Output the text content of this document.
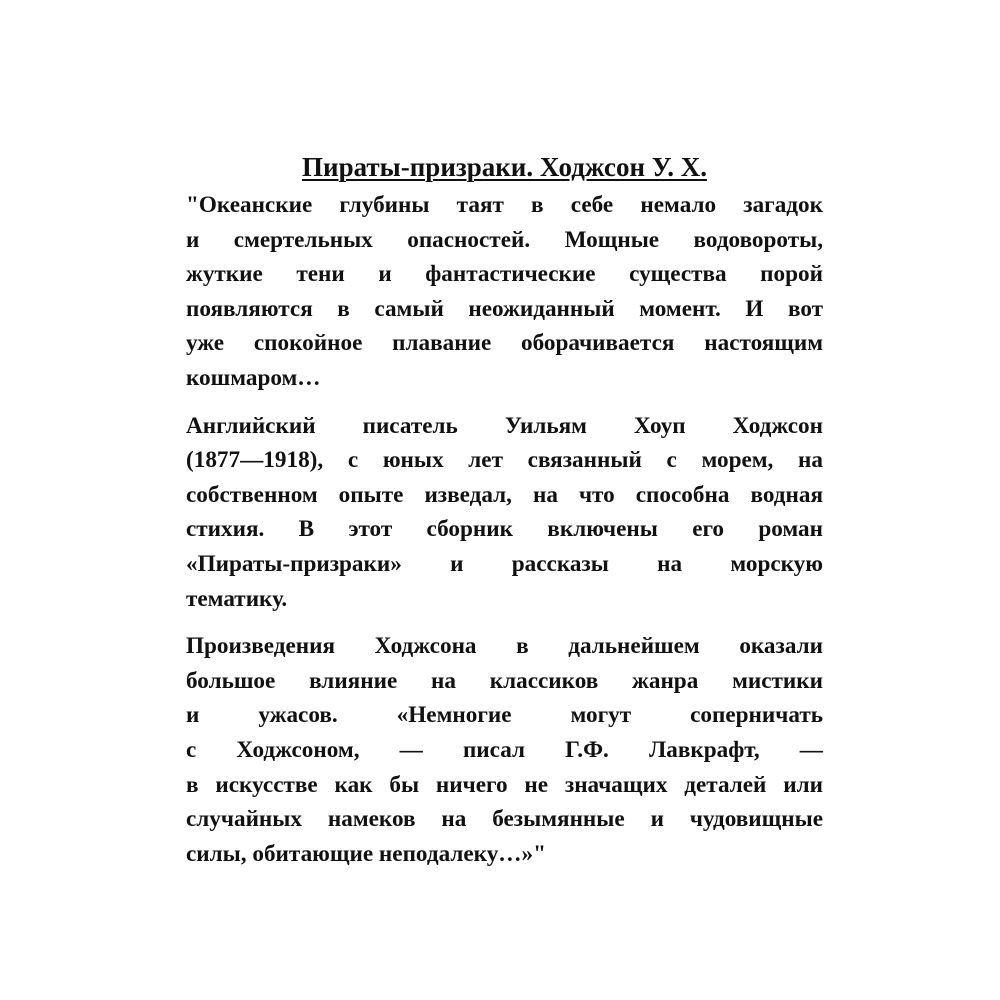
Пираты-призраки. Ходжсон У. Х.
"Океанские глубины таят в себе немало загадок
и смертельных опасностей. Мощные водовороты,
жуткие тени и фантастические существа порой
появляются в самый неожиданный момент. И вот
уже спокойное плавание оборачивается настоящим
кошмаром…
Английский писатель Уильям Хоуп Ходжсон
(1877—1918), с юных лет связанный с морем, на
собственном опыте изведал, на что способна водная
стихия. В этот сборник включены его роман
«Пираты-призраки» и рассказы на морскую
тематику.
Произведения Ходжсона в дальнейшем оказали
большое влияние на классиков жанра мистики
и ужасов. «Немногие могут соперничать
с Ходжсоном, — писал Г.Ф. Лавкрафт, —
в искусстве как бы ничего не значащих деталей или
случайных намеков на безымянные и чудовищные
силы, обитающие неподалеку…»"
